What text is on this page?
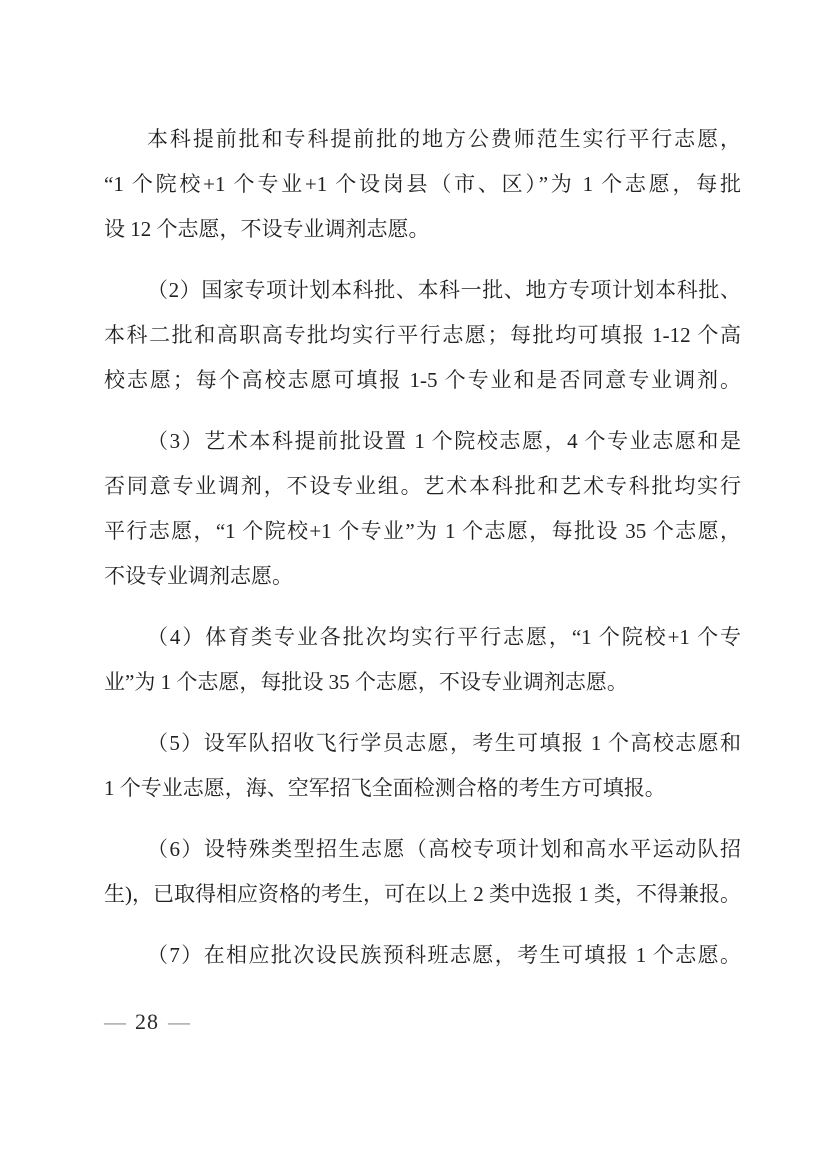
本科提前批和专科提前批的地方公费师范生实行平行志愿，
“1 个院校+1 个专业+1 个设岗县（市、区）”为 1 个志愿，每批
设 12 个志愿，不设专业调剂志愿。
（2）国家专项计划本科批、本科一批、地方专项计划本科批、
本科二批和高职高专批均实行平行志愿；每批均可填报 1-12 个高
校志愿；每个高校志愿可填报 1-5 个专业和是否同意专业调剂。
（3）艺术本科提前批设置 1 个院校志愿，4 个专业志愿和是
否同意专业调剂，不设专业组。艺术本科批和艺术专科批均实行
平行志愿，“1 个院校+1 个专业”为 1 个志愿，每批设 35 个志愿，
不设专业调剂志愿。
（4）体育类专业各批次均实行平行志愿，“1 个院校+1 个专
业”为 1 个志愿，每批设 35 个志愿，不设专业调剂志愿。
（5）设军队招收飞行学员志愿，考生可填报 1 个高校志愿和
1 个专业志愿，海、空军招飞全面检测合格的考生方可填报。
（6）设特殊类型招生志愿（高校专项计划和高水平运动队招
生)，已取得相应资格的考生，可在以上 2 类中选报 1 类，不得兼报。
（7）在相应批次设民族预科班志愿，考生可填报 1 个志愿。
— 28 —
